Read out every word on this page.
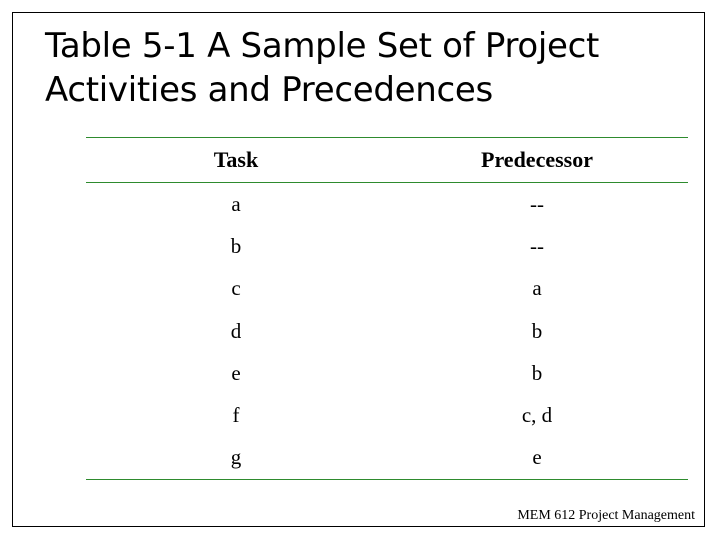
Table 5-1 A Sample Set of Project Activities and Precedences
Task	Predecessor
a	--
b	--
c	a
d	b
e	b
f	c, d
g	e
MEM 612 Project Management
